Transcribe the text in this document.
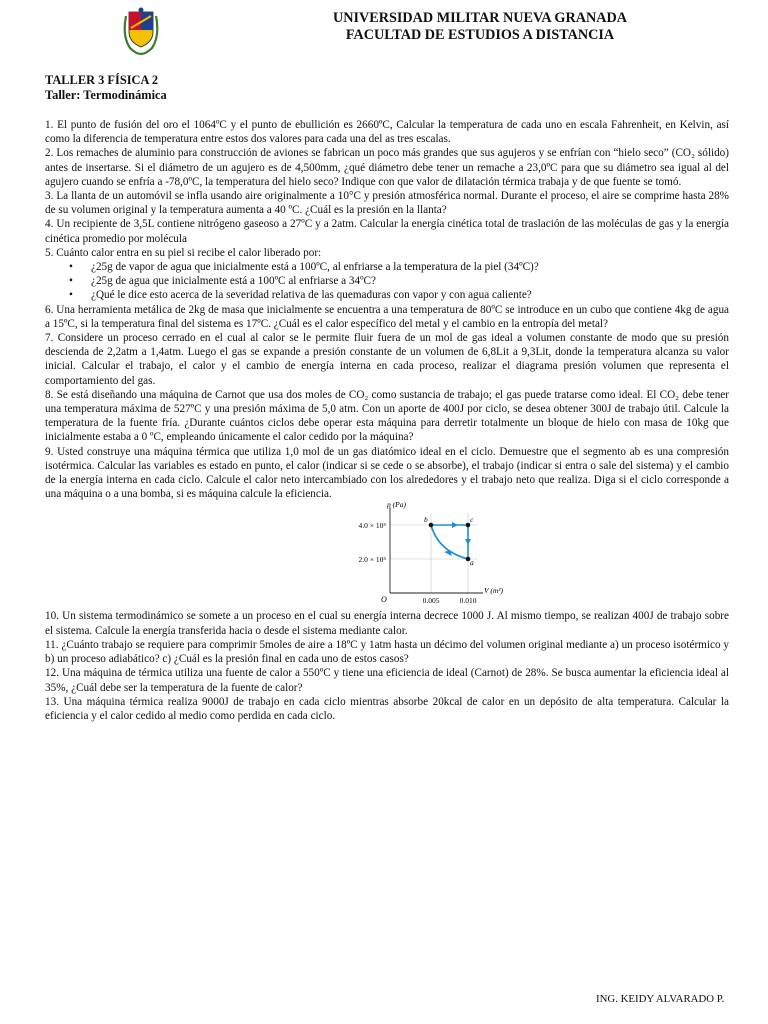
UNIVERSIDAD MILITAR NUEVA GRANADA
FACULTAD DE ESTUDIOS A DISTANCIA
TALLER 3 FÍSICA 2
Taller: Termodinámica

1. El punto de fusión del oro el 1064ºC y el punto de ebullición es 2660ºC, Calcular la temperatura de cada uno en escala Fahrenheit, en Kelvin, así como la diferencia de temperatura entre estos dos valores para cada una del as tres escalas.

2. Los remaches de aluminio para construcción de aviones se fabrican un poco más grandes que sus agujeros y se enfrían con “hielo seco” (CO₂ sólido) antes de insertarse. Si el diámetro de un agujero es de 4,500mm, ¿qué diámetro debe tener un remache a 23,0ºC para que su diámetro sea igual al del agujero cuando se enfría a -78,0ºC, la temperatura del hielo seco? Indique con que valor de dilatación térmica trabaja y de que fuente se tomó.

3. La llanta de un automóvil se infla usando aire originalmente a 10°C y presión atmosférica normal. Durante el proceso, el aire se comprime hasta 28% de su volumen original y la temperatura aumenta a 40 ºC. ¿Cuál es la presión en la llanta?

4. Un recipiente de 3,5L contiene nitrógeno gaseoso a 27ºC y a 2atm. Calcular la energía cinética total de traslación de las moléculas de gas y la energía cinética promedio por molécula

5. Cuánto calor entra en su piel si recibe el calor liberado por:

• ¿25g de vapor de agua que inicialmente está a 100ºC, al enfriarse a la temperatura de la piel (34ºC)?
• ¿25g de agua que inicialmente está a 100ºC al enfriarse a 34ºC?
• ¿Qué le dice esto acerca de la severidad relativa de las quemaduras con vapor y con agua caliente?

6. Una herramienta metálica de 2kg de masa que inicialmente se encuentra a una temperatura de 80ºC se introduce en un cubo que contiene 4kg de agua a 15ºC, si la temperatura final del sistema es 17ºC. ¿Cuál es el calor específico del metal y el cambio en la entropía del metal?

7. Considere un proceso cerrado en el cual al calor se le permite fluir fuera de un mol de gas ideal a volumen constante de modo que su presión descienda de 2,2atm a 1,4atm. Luego el gas se expande a presión constante de un volumen de 6,8Lit a 9,3Lit, donde la temperatura alcanza su valor inicial. Calcular el trabajo, el calor y el cambio de energía interna en cada proceso, realizar el diagrama presión volumen que representa el comportamiento del gas.

8. Se está diseñando una máquina de Carnot que usa dos moles de CO₂ como sustancia de trabajo; el gas puede tratarse como ideal. El CO₂ debe tener una temperatura máxima de 527ºC y una presión máxima de 5,0 atm. Con un aporte de 400J por ciclo, se desea obtener 300J de trabajo útil. Calcule la temperatura de la fuente fría. ¿Durante cuántos ciclos debe operar esta máquina para derretir totalmente un bloque de hielo con masa de 10kg que inicialmente estaba a 0 ºC, empleando únicamente el calor cedido por la máquina?

9. Usted construye una máquina térmica que utiliza 1,0 mol de un gas diatómico ideal en el ciclo. Demuestre que el segmento ab es una compresión isotérmica. Calcular las variables es estado en punto, el calor (indicar si se cede o se absorbe), el trabajo (indicar si entra o sale del sistema) y el cambio de la energía interna en cada ciclo. Calcule el calor neto intercambiado con los alrededores y el trabajo neto que realiza. Diga si el ciclo corresponde a una máquina o a una bomba, si es máquina calcule la eficiencia.

p (Pa)
V (m³)
O
4.0 × 10⁵
2.0 × 10⁵
0.005	0.010
b	c
a

10. Un sistema termodinámico se somete a un proceso en el cual su energía interna decrece 1000 J. Al mismo tiempo, se realizan 400J de trabajo sobre el sistema. Calcule la energía transferida hacia o desde el sistema mediante calor.

11. ¿Cuánto trabajo se requiere para comprimir 5moles de aire a 18ºC y 1atm hasta un décimo del volumen original mediante a) un proceso isotérmico y b) un proceso adiabático? c) ¿Cuál es la presión final en cada uno de estos casos?

12. Una máquina de térmica utiliza una fuente de calor a 550ºC y tiene una eficiencia de ideal (Carnot) de 28%. Se busca aumentar la eficiencia ideal al 35%, ¿Cuál debe ser la temperatura de la fuente de calor?

13. Una máquina térmica realiza 9000J de trabajo en cada ciclo mientras absorbe 20kcal de calor en un depósito de alta temperatura. Calcular la eficiencia y el calor cedido al medio como perdida en cada ciclo.

ING. KEIDY ALVARADO P.
